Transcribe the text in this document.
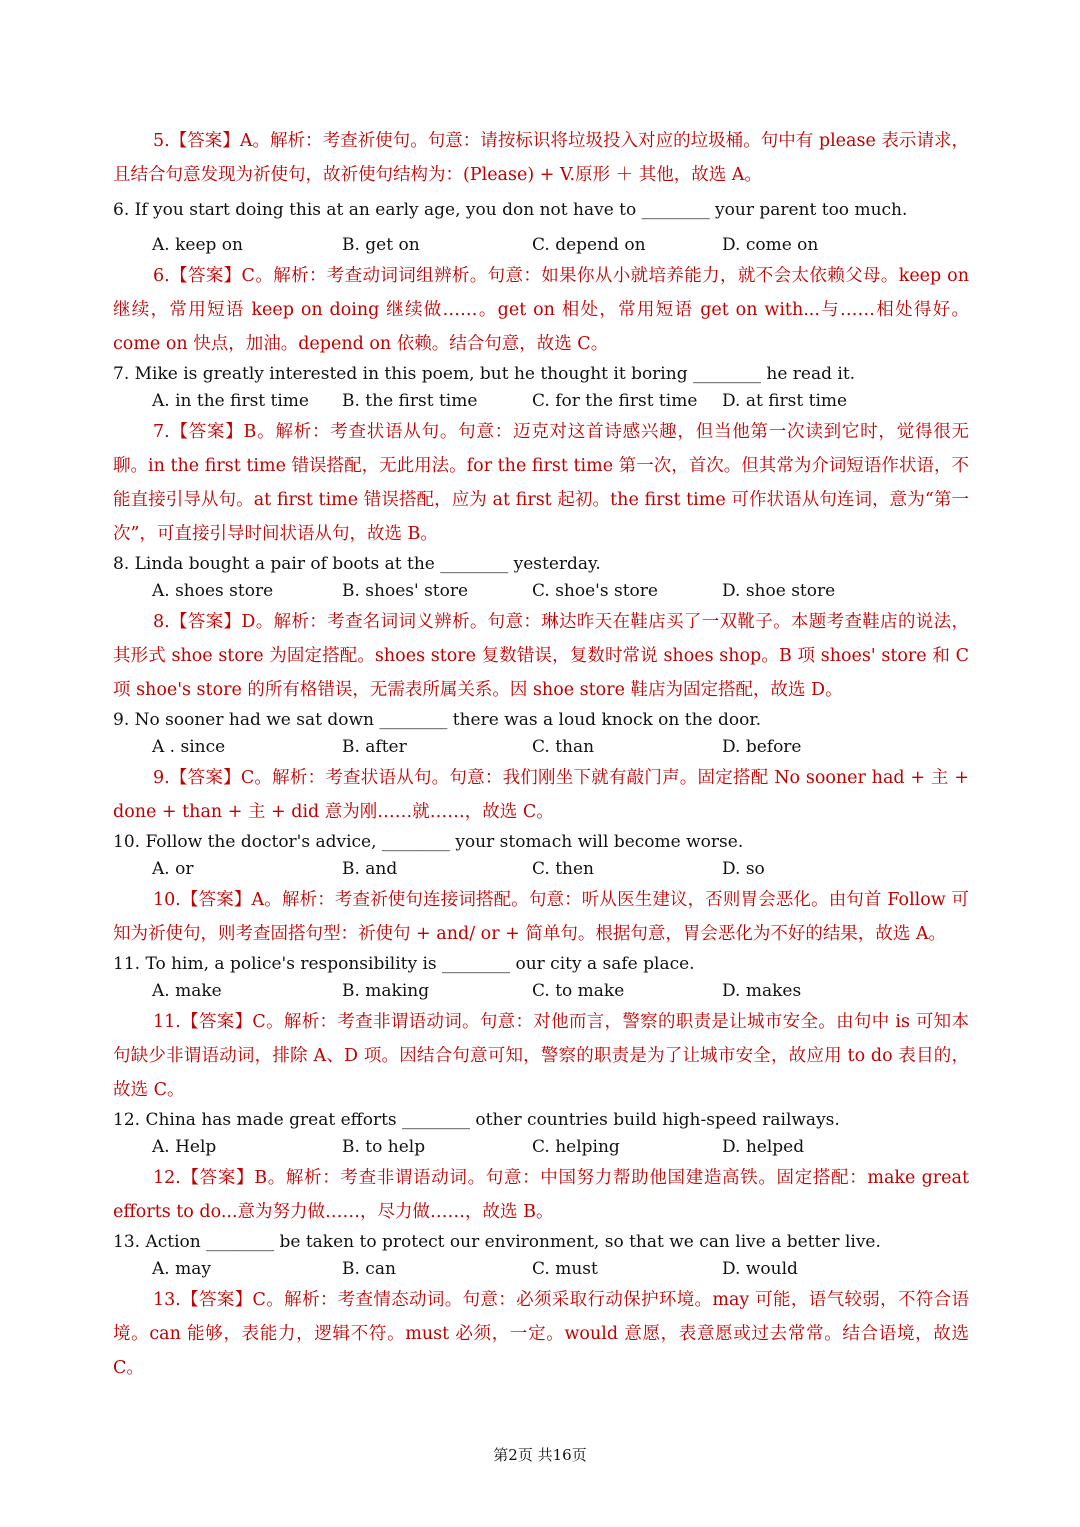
5.【答案】A。解析：考查祈使句。句意：请按标识将垃圾投入对应的垃圾桶。句中有 please 表示请求，且结合句意发现为祈使句，故祈使句结构为：(Please) + V.原形 ＋ 其他，故选 A。

6. If you start doing this at an early age, you don not have to ________ your parent too much.

A. keep on	B. get on	C. depend on	D. come on

6.【答案】C。解析：考查动词词组辨析。句意：如果你从小就培养能力，就不会太依赖父母。keep on 继续，常用短语 keep on doing 继续做……。get on 相处，常用短语 get on with...与……相处得好。come on 快点，加油。depend on 依赖。结合句意，故选 C。

7. Mike is greatly interested in this poem, but he thought it boring ________ he read it.

A. in the first time	B. the first time	C. for the first time	D. at first time

7.【答案】B。解析：考查状语从句。句意：迈克对这首诗感兴趣，但当他第一次读到它时，觉得很无聊。in the first time 错误搭配，无此用法。for the first time 第一次，首次。但其常为介词短语作状语，不能直接引导从句。at first time 错误搭配，应为 at first 起初。the first time 可作状语从句连词，意为“第一次”，可直接引导时间状语从句，故选 B。

8. Linda bought a pair of boots at the ________ yesterday.

A. shoes store	B. shoes' store	C. shoe's store	D. shoe store

8.【答案】D。解析：考查名词词义辨析。句意：琳达昨天在鞋店买了一双靴子。本题考查鞋店的说法，其形式 shoe store 为固定搭配。shoes store 复数错误，复数时常说 shoes shop。B 项 shoes' store 和 C 项 shoe's store 的所有格错误，无需表所属关系。因 shoe store 鞋店为固定搭配，故选 D。

9. No sooner had we sat down ________ there was a loud knock on the door.

A . since	B. after	C. than	D. before

9.【答案】C。解析：考查状语从句。句意：我们刚坐下就有敲门声。固定搭配 No sooner had + 主 + done + than + 主 + did 意为刚……就……，故选 C。

10. Follow the doctor's advice, ________ your stomach will become worse.

A. or	B. and	C. then	D. so

10.【答案】A。解析：考查祈使句连接词搭配。句意：听从医生建议，否则胃会恶化。由句首 Follow 可知为祈使句，则考查固搭句型：祈使句 + and/ or + 简单句。根据句意，胃会恶化为不好的结果，故选 A。

11. To him, a police's responsibility is ________ our city a safe place.

A. make	B. making	C. to make	D. makes

11.【答案】C。解析：考查非谓语动词。句意：对他而言，警察的职责是让城市安全。由句中 is 可知本句缺少非谓语动词，排除 A、D 项。因结合句意可知，警察的职责是为了让城市安全，故应用 to do 表目的，故选 C。

12. China has made great efforts ________ other countries build high-speed railways.

A. Help	B. to help	C. helping	D. helped

12.【答案】B。解析：考查非谓语动词。句意：中国努力帮助他国建造高铁。固定搭配：make great efforts to do...意为努力做……，尽力做……，故选 B。

13. Action ________ be taken to protect our environment, so that we can live a better live.

A. may	B. can	C. must	D. would

13.【答案】C。解析：考查情态动词。句意：必须采取行动保护环境。may 可能，语气较弱，不符合语境。can 能够，表能力，逻辑不符。must 必须，一定。would 意愿，表意愿或过去常常。结合语境，故选 C。

第2页 共16页
